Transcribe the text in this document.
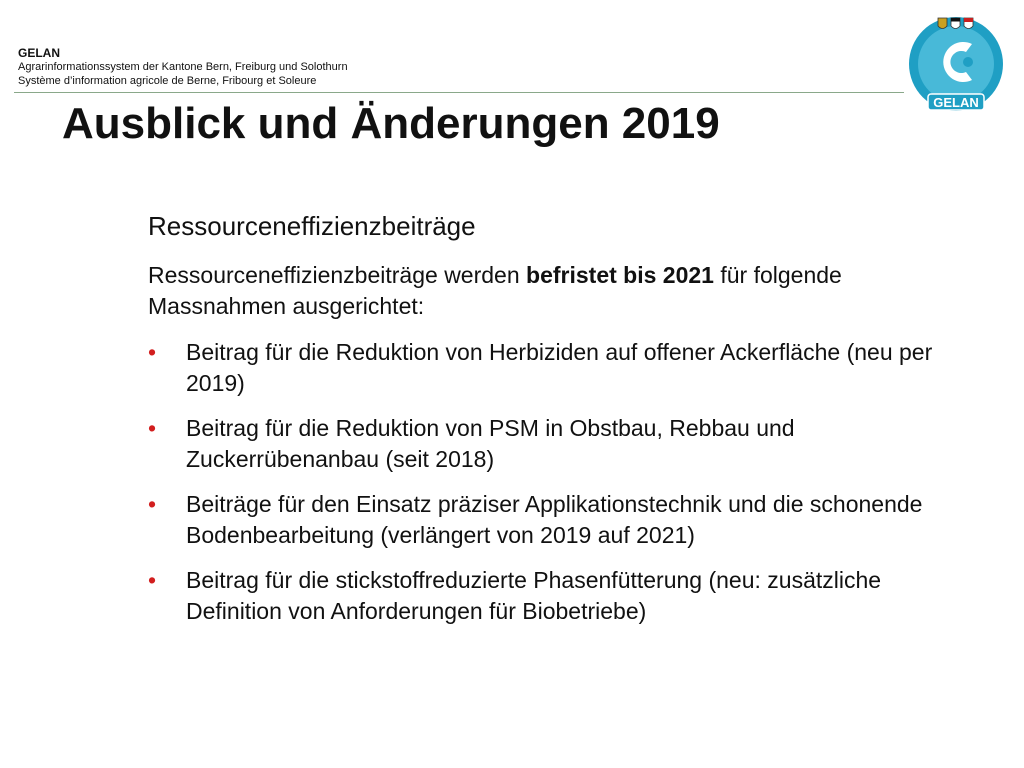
GELAN
Agrarinformationssystem der Kantone Bern, Freiburg und Solothurn
Système d’information agricole de Berne, Fribourg et Soleure
GELAN
Ausblick und Änderungen 2019

Ressourceneffizienzbeiträge

Ressourceneffizienzbeiträge werden befristet bis 2021 für folgende Massnahmen ausgerichtet:

• Beitrag für die Reduktion von Herbiziden auf offener Ackerfläche (neu per 2019)
• Beitrag für die Reduktion von PSM in Obstbau, Rebbau und Zuckerrübenanbau (seit 2018)
• Beiträge für den Einsatz präziser Applikationstechnik und die schonende Bodenbearbeitung (verlängert von 2019 auf 2021)
• Beitrag für die stickstoffreduzierte Phasenfütterung (neu: zusätzliche Definition von Anforderungen für Biobetriebe)
